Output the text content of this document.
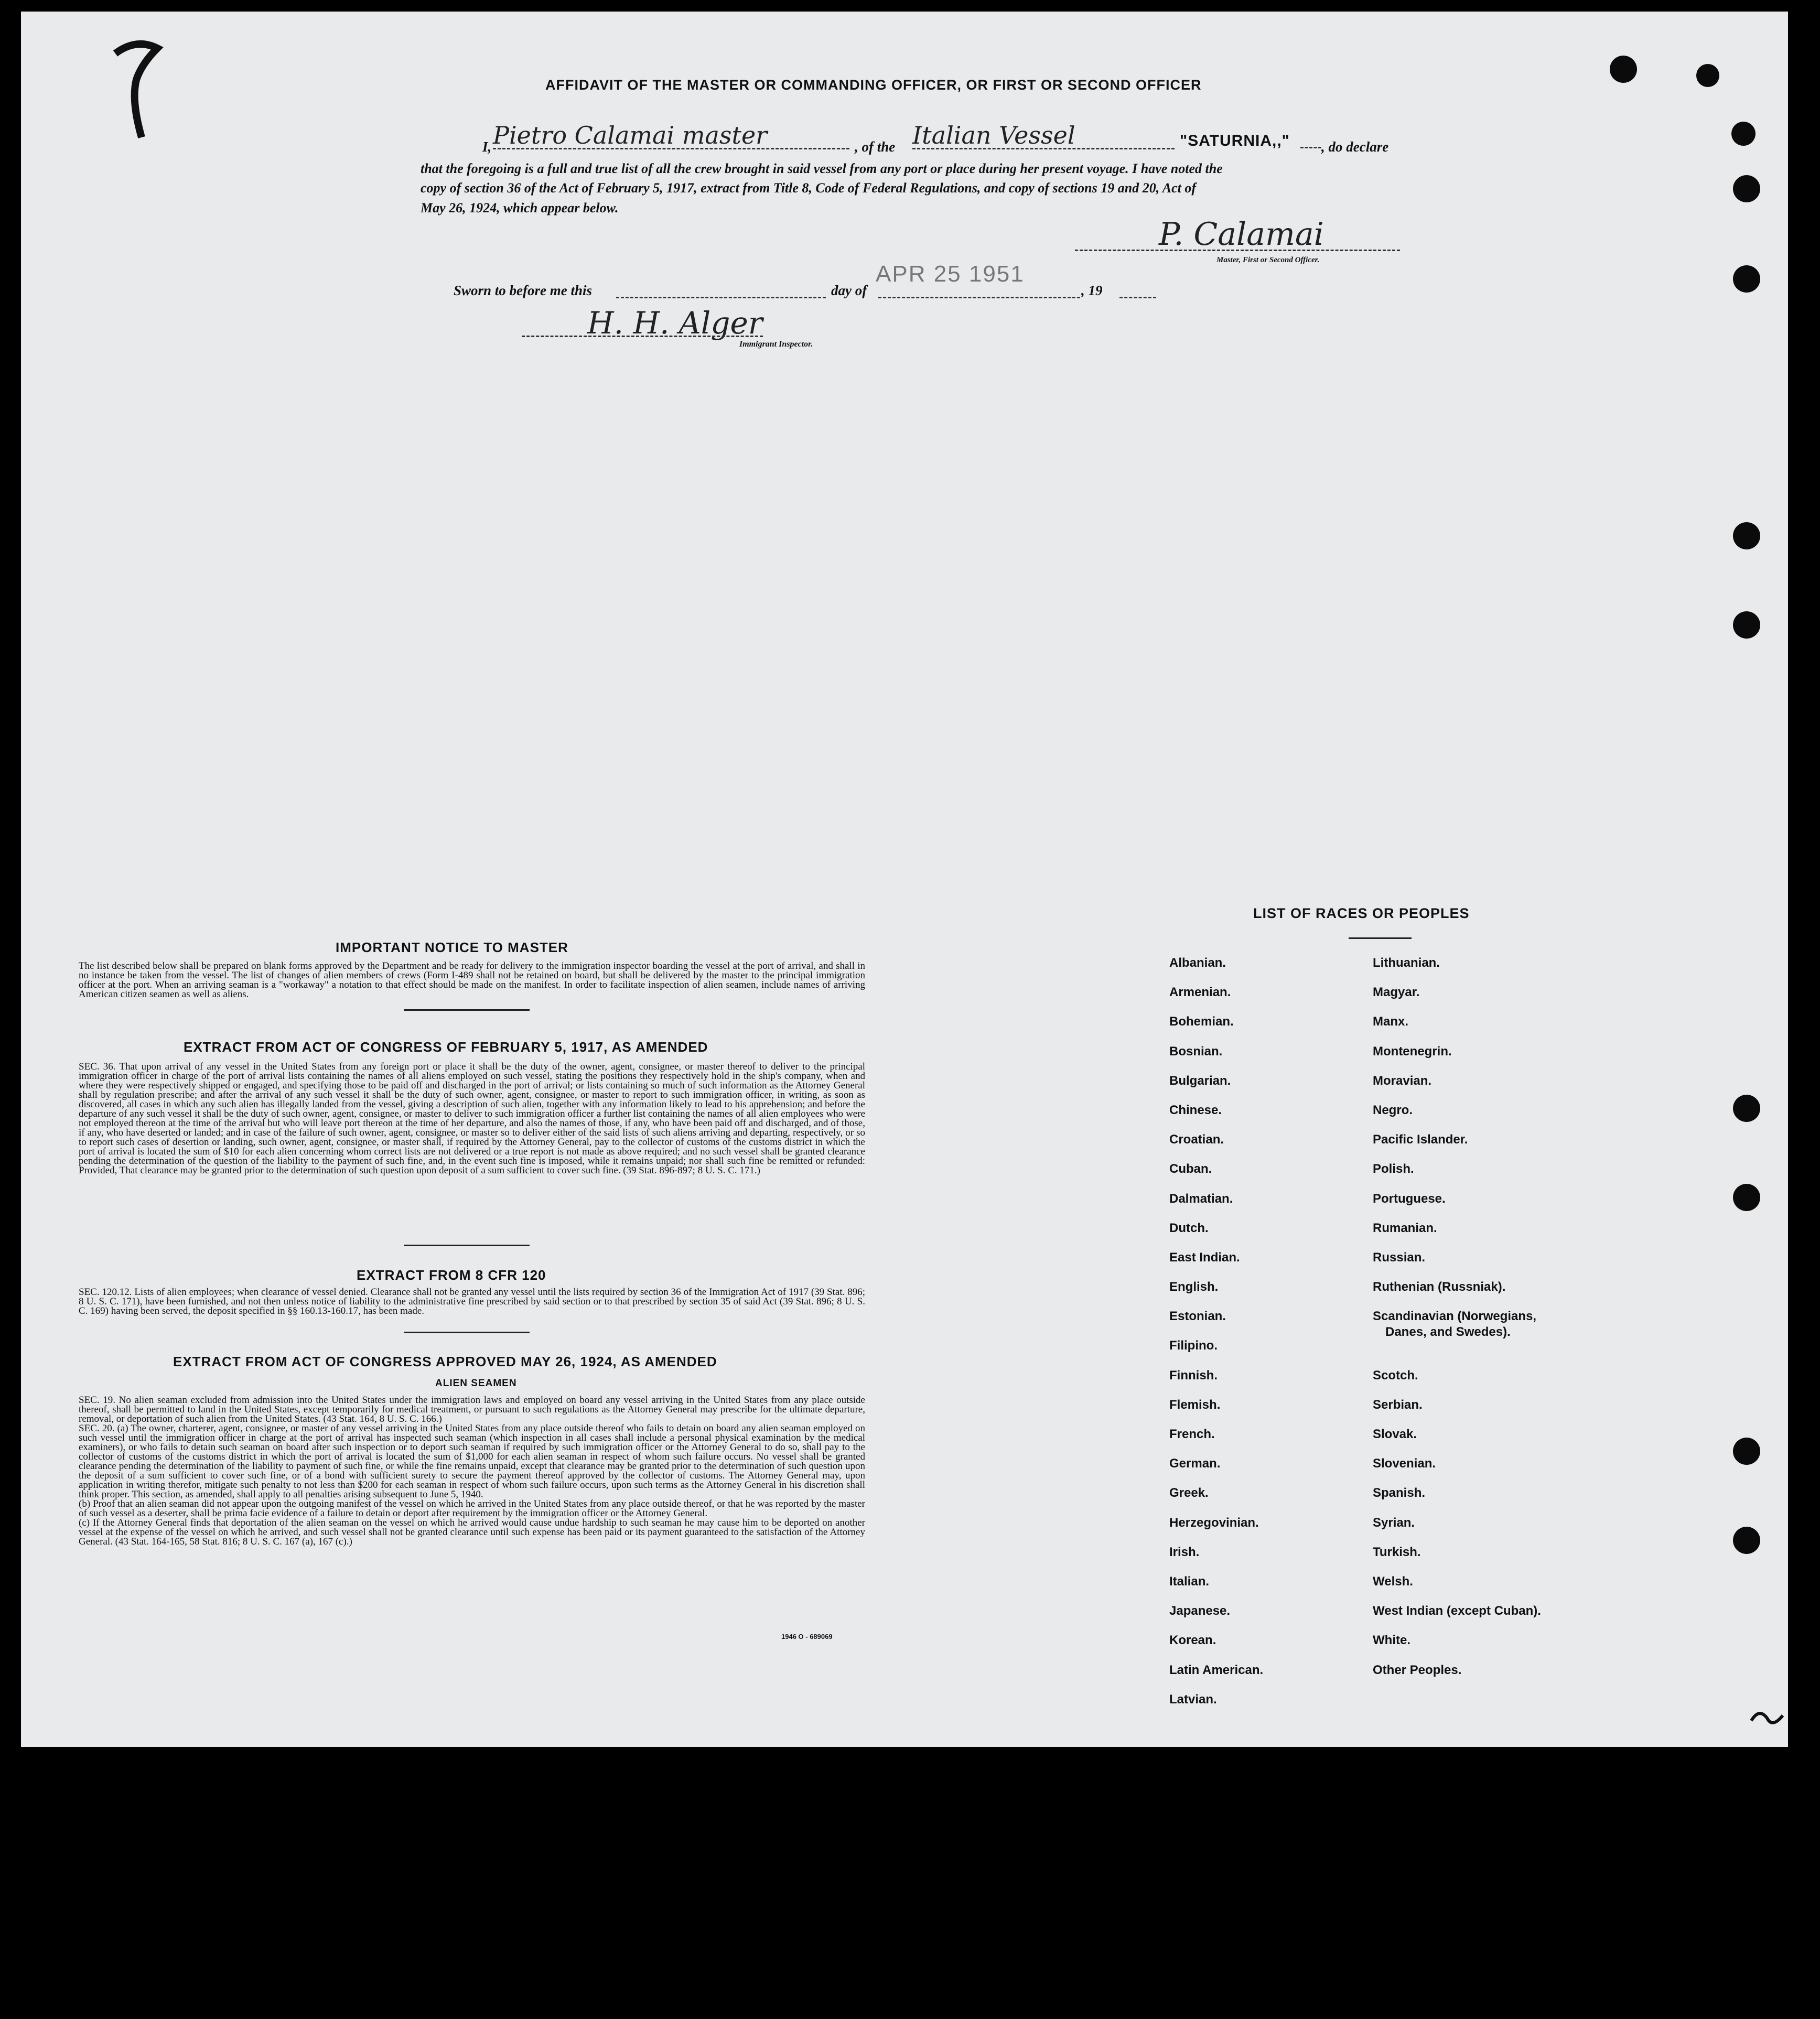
AFFIDAVIT OF THE MASTER OR COMMANDING OFFICER, OR FIRST OR SECOND OFFICER
I, Pietro Calamai master	, of the Italian Vessel	"SATURNIA,," , do declare
that the foregoing is a full and true list of all the crew brought in said vessel from any port or place during her present voyage. I have noted the
copy of section 36 of the Act of February 5, 1917, extract from Title 8, Code of Federal Regulations, and copy of sections 19 and 20, Act of
May 26, 1924, which appear below.
P. Calamai
Master, First or Second Officer.
Sworn to before me this	day of
APR 25 1951
, 19
H. H. Alger
Immigrant Inspector.
IMPORTANT NOTICE TO MASTER
The list described below shall be prepared on blank forms approved by the Department and be ready for delivery to the immigration inspector boarding the vessel at the port of arrival, and shall in no instance be taken from the vessel. The list of changes of alien members of crews (Form I-489 shall not be retained on board, but shall be delivered by the master to the principal immigration officer at the port. When an arriving seaman is a "workaway" a notation to that effect should be made on the manifest. In order to facilitate inspection of alien seamen, include names of arriving American citizen seamen as well as aliens.
EXTRACT FROM ACT OF CONGRESS OF FEBRUARY 5, 1917, AS AMENDED
SEC. 36. That upon arrival of any vessel in the United States from any foreign port or place it shall be the duty of the owner, agent, consignee, or master thereof to deliver to the principal immigration officer in charge of the port of arrival lists containing the names of all aliens employed on such vessel, stating the positions they respectively hold in the ship's company, when and where they were respectively shipped or engaged, and specifying those to be paid off and discharged in the port of arrival; or lists containing so much of such information as the Attorney General shall by regulation prescribe; and after the arrival of any such vessel it shall be the duty of such owner, agent, consignee, or master to report to such immigration officer, in writing, as soon as discovered, all cases in which any such alien has illegally landed from the vessel, giving a description of such alien, together with any information likely to lead to his apprehension; and before the departure of any such vessel it shall be the duty of such owner, agent, consignee, or master to deliver to such immigration officer a further list containing the names of all alien employees who were not employed thereon at the time of the arrival but who will leave port thereon at the time of her departure, and also the names of those, if any, who have been paid off and discharged, and of those, if any, who have deserted or landed; and in case of the failure of such owner, agent, consignee, or master so to deliver either of the said lists of such aliens arriving and departing, respectively, or so to report such cases of desertion or landing, such owner, agent, consignee, or master shall, if required by the Attorney General, pay to the collector of customs of the customs district in which the port of arrival is located the sum of $10 for each alien concerning whom correct lists are not delivered or a true report is not made as above required; and no such vessel shall be granted clearance pending the determination of the question of the liability to the payment of such fine, and, in the event such fine is imposed, while it remains unpaid; nor shall such fine be remitted or refunded: Provided, That clearance may be granted prior to the determination of such question upon deposit of a sum sufficient to cover such fine. (39 Stat. 896-897; 8 U. S. C. 171.)
EXTRACT FROM 8 CFR 120
SEC. 120.12. Lists of alien employees; when clearance of vessel denied. Clearance shall not be granted any vessel until the lists required by section 36 of the Immigration Act of 1917 (39 Stat. 896; 8 U. S. C. 171), have been furnished, and not then unless notice of liability to the administrative fine prescribed by said section or to that prescribed by section 35 of said Act (39 Stat. 896; 8 U. S. C. 169) having been served, the deposit specified in §§ 160.13-160.17, has been made.
EXTRACT FROM ACT OF CONGRESS APPROVED MAY 26, 1924, AS AMENDED
ALIEN SEAMEN
SEC. 19. No alien seaman excluded from admission into the United States under the immigration laws and employed on board any vessel arriving in the United States from any place outside thereof, shall be permitted to land in the United States, except temporarily for medical treatment, or pursuant to such regulations as the Attorney General may prescribe for the ultimate departure, removal, or deportation of such alien from the United States. (43 Stat. 164, 8 U. S. C. 166.)
SEC. 20. (a) The owner, charterer, agent, consignee, or master of any vessel arriving in the United States from any place outside thereof who fails to detain on board any alien seaman employed on such vessel until the immigration officer in charge at the port of arrival has inspected such seaman (which inspection in all cases shall include a personal physical examination by the medical examiners), or who fails to detain such seaman on board after such inspection or to deport such seaman if required by such immigration officer or the Attorney General to do so, shall pay to the collector of customs of the customs district in which the port of arrival is located the sum of $1,000 for each alien seaman in respect of whom such failure occurs. No vessel shall be granted clearance pending the determination of the liability to payment of such fine, or while the fine remains unpaid, except that clearance may be granted prior to the determination of such question upon the deposit of a sum sufficient to cover such fine, or of a bond with sufficient surety to secure the payment thereof approved by the collector of customs. The Attorney General may, upon application in writing therefor, mitigate such penalty to not less than $200 for each seaman in respect of whom such failure occurs, upon such terms as the Attorney General in his discretion shall think proper. This section, as amended, shall apply to all penalties arising subsequent to June 5, 1940.
(b) Proof that an alien seaman did not appear upon the outgoing manifest of the vessel on which he arrived in the United States from any place outside thereof, or that he was reported by the master of such vessel as a deserter, shall be prima facie evidence of a failure to detain or deport after requirement by the immigration officer or the Attorney General.
(c) If the Attorney General finds that deportation of the alien seaman on the vessel on which he arrived would cause undue hardship to such seaman he may cause him to be deported on another vessel at the expense of the vessel on which he arrived, and such vessel shall not be granted clearance until such expense has been paid or its payment guaranteed to the satisfaction of the Attorney General. (43 Stat. 164-165, 58 Stat. 816; 8 U. S. C. 167 (a), 167 (c).)
1946 O - 689069
LIST OF RACES OR PEOPLES
Albanian.
Armenian.
Bohemian.
Bosnian.
Bulgarian.
Chinese.
Croatian.
Cuban.
Dalmatian.
Dutch.
East Indian.
English.
Estonian.
Filipino.
Finnish.
Flemish.
French.
German.
Greek.
Herzegovinian.
Irish.
Italian.
Japanese.
Korean.
Latin American.
Latvian.
Lithuanian.
Magyar.
Manx.
Montenegrin.
Moravian.
Negro.
Pacific Islander.
Polish.
Portuguese.
Rumanian.
Russian.
Ruthenian (Russniak).
Scandinavian (Norwegians,
Danes, and Swedes).
Scotch.
Serbian.
Slovak.
Slovenian.
Spanish.
Syrian.
Turkish.
Welsh.
West Indian (except Cuban).
White.
Other Peoples.
